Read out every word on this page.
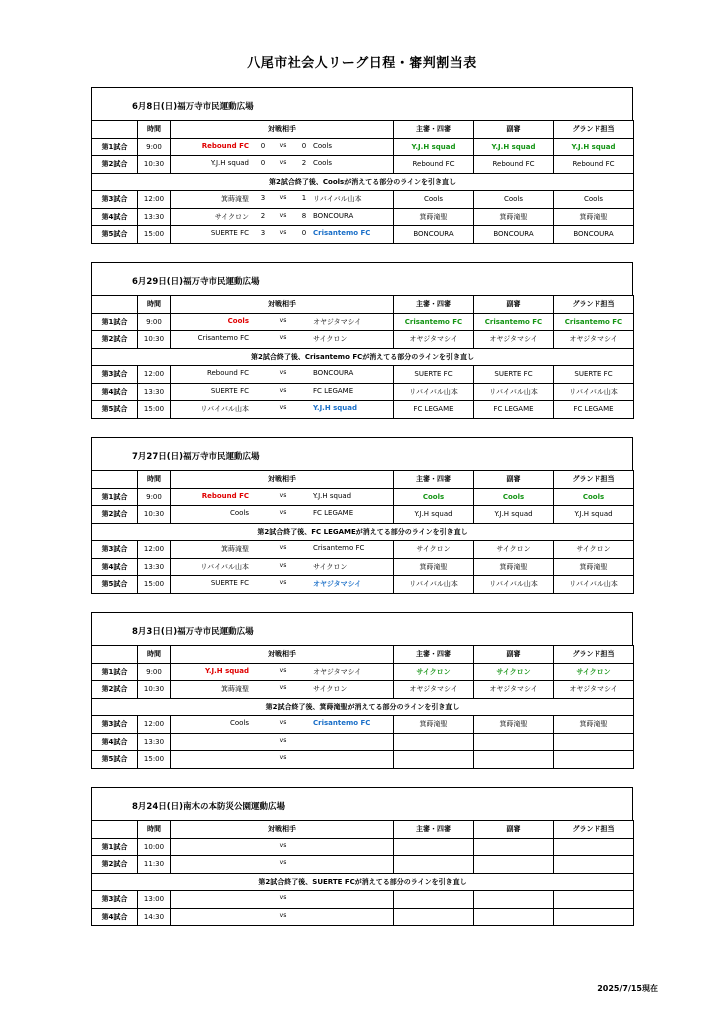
八尾市社会人リーグ日程・審判割当表
6月8日(日)福万寺市民運動広場
	時間	対戦相手	主審・四審	副審	グランド担当
第1試合	9:00	Rebound FC 0 vs 0 Cools	Y.J.H squad	Y.J.H squad	Y.J.H squad
第2試合	10:30	Y.J.H squad 0 vs 2 Cools	Rebound FC	Rebound FC	Rebound FC
第2試合終了後、Coolsが消えてる部分のラインを引き直し					
第3試合	12:00	箕蒔滝聖 3 vs 1 リバイバル山本	Cools	Cools	Cools
第4試合	13:30	サイクロン 2 vs 8 BONCOURA	箕蒔滝聖	箕蒔滝聖	箕蒔滝聖
第5試合	15:00	SUERTE FC 3 vs 0 Crisantemo FC	BONCOURA	BONCOURA	BONCOURA
6月29日(日)福万寺市民運動広場
	時間	対戦相手	主審・四審	副審	グランド担当
第1試合	9:00	Cools vs オヤジタマシイ	Crisantemo FC	Crisantemo FC	Crisantemo FC
第2試合	10:30	Crisantemo FC vs サイクロン	オヤジタマシイ	オヤジタマシイ	オヤジタマシイ
第2試合終了後、Crisantemo FCが消えてる部分のラインを引き直し					
第3試合	12:00	Rebound FC vs BONCOURA	SUERTE FC	SUERTE FC	SUERTE FC
第4試合	13:30	SUERTE FC vs FC LEGAME	リバイバル山本	リバイバル山本	リバイバル山本
第5試合	15:00	リバイバル山本 vs Y.J.H squad	FC LEGAME	FC LEGAME	FC LEGAME
7月27日(日)福万寺市民運動広場
	時間	対戦相手	主審・四審	副審	グランド担当
第1試合	9:00	Rebound FC vs Y.J.H squad	Cools	Cools	Cools
第2試合	10:30	Cools vs FC LEGAME	Y.J.H squad	Y.J.H squad	Y.J.H squad
第2試合終了後、FC LEGAMEが消えてる部分のラインを引き直し					
第3試合	12:00	箕蒔滝聖 vs Crisantemo FC	サイクロン	サイクロン	サイクロン
第4試合	13:30	リバイバル山本 vs サイクロン	箕蒔滝聖	箕蒔滝聖	箕蒔滝聖
第5試合	15:00	SUERTE FC vs オヤジタマシイ	リバイバル山本	リバイバル山本	リバイバル山本
8月3日(日)福万寺市民運動広場
	時間	対戦相手	主審・四審	副審	グランド担当
第1試合	9:00	Y.J.H squad vs オヤジタマシイ	サイクロン	サイクロン	サイクロン
第2試合	10:30	箕蒔滝聖 vs サイクロン	オヤジタマシイ	オヤジタマシイ	オヤジタマシイ
第2試合終了後、箕蒔滝聖が消えてる部分のラインを引き直し					
第3試合	12:00	Cools vs Crisantemo FC	箕蒔滝聖	箕蒔滝聖	箕蒔滝聖
第4試合	13:30	vs			

第5試合	15:00	vs			

8月24日(日)南木の本防災公園運動広場
	時間	対戦相手	主審・四審	副審	グランド担当
第1試合	10:00	vs			

第2試合	11:30	vs			

第2試合終了後、SUERTE FCが消えてる部分のラインを引き直し					
第3試合	13:00	vs			

第4試合	14:30	vs			

2025/7/15現在
